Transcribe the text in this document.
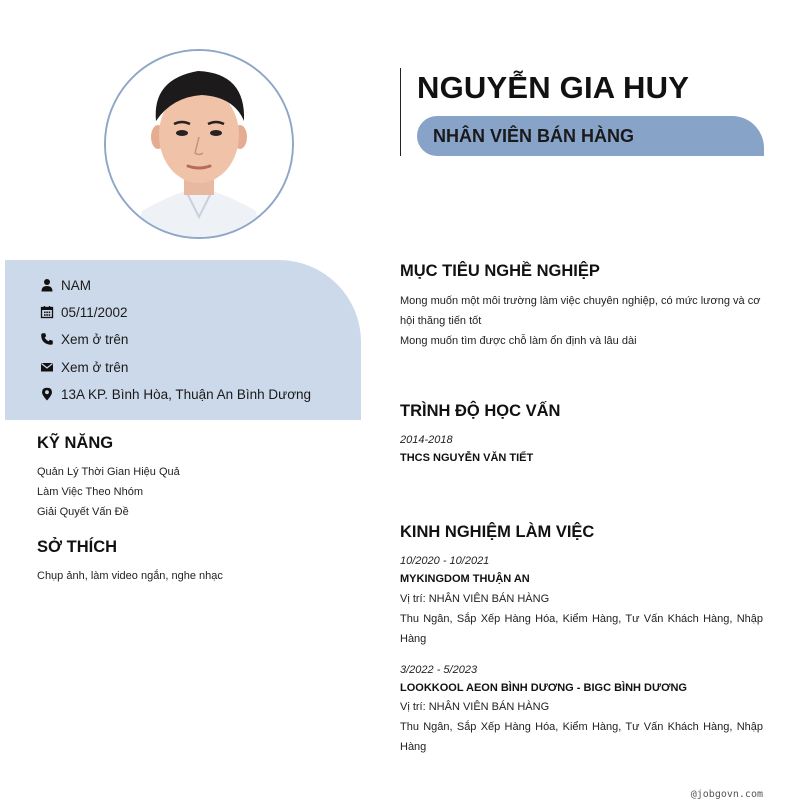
NGUYỄN GIA HUY
NHÂN VIÊN BÁN HÀNG
NAM
05/11/2002
Xem ở trên
Xem ở trên
13A KP. Bình Hòa, Thuận An Bình Dương
KỸ NĂNG
Quản Lý Thời Gian Hiệu Quả
Làm Việc Theo Nhóm
Giải Quyết Vấn Đề
SỞ THÍCH
Chụp ảnh, làm video ngắn, nghe nhạc
MỤC TIÊU NGHỀ NGHIỆP
Mong muốn một môi trường làm việc chuyên nghiệp, có mức lương và cơ hội thăng tiến tốt
Mong muốn tìm được chỗ làm ổn định và lâu dài
TRÌNH ĐỘ HỌC VẤN
2014-2018
THCS NGUYỄN VĂN TIẾT
KINH NGHIỆM LÀM VIỆC
10/2020 - 10/2021
MYKINGDOM THUẬN AN
Vị trí: NHÂN VIÊN BÁN HÀNG
Thu Ngân, Sắp Xếp Hàng Hóa, Kiểm Hàng, Tư Vấn Khách Hàng, Nhập Hàng
3/2022 - 5/2023
LOOKKOOL AEON BÌNH DƯƠNG - BIGC BÌNH DƯƠNG
Vị trí: NHÂN VIÊN BÁN HÀNG
Thu Ngân, Sắp Xếp Hàng Hóa, Kiểm Hàng, Tư Vấn Khách Hàng, Nhập Hàng
@jobgovn.com
